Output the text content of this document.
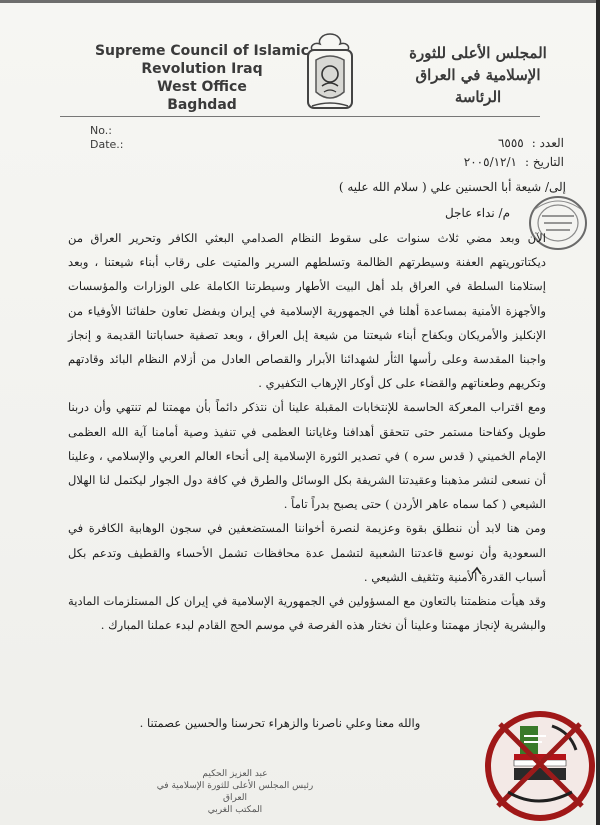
Supreme Council of Islamic
Revolution Iraq
West Office
Baghdad
المجلس الأعلى للثورة
الإسلامية في العراق
الرئاسة
No.:
Date.:	العدد :٦٥٥٥
التاريخ :٢٠٠٥/١٢/١
إلى/ شيعة أبا الحسنين علي ( سلام الله عليه )
م/ نداء عاجل

الآن وبعد مضي ثلاث سنوات على سقوط النظام الصدامي البعثي الكافر وتحرير العراق من ديكتاتوريتهم العفنة وسيطرتهم الظالمة وتسلطهم السرير والمتيت على رقاب أبناء شيعتنا ، وبعد إستلامنا السلطة في العراق بلد أهل البيت الأطهار وسيطرتنا الكاملة على الوزارات والمؤسسات والأجهزة الأمنية بمساعدة أهلنا في الجمهورية الإسلامية في إيران وبفضل تعاون حلفائنا الأوفياء من الإنكليز والأمريكان وبكفاح أبناء شيعتنا من شيعة إبل العراق ، وبعد تصفية حساباتنا القديمة و إنجاز واجبنا المقدسة وعلى رأسها الثأر لشهدائنا الأبرار والقصاص العادل من أزلام النظام البائد وقادتهم وتكريهم وطعناتهم والقضاء على كل أوكار الإرهاب التكفيري .

ومع اقتراب المعركة الحاسمة للإنتخابات المقبلة علينا أن نتذكر دائماً بأن مهمتنا لم تنتهي وأن دربنا طويل وكفاحنا مستمر حتى تتحقق أهدافنا وغاياتنا العظمى في تنفيذ وصية أمامنا آية الله العظمى الإمام الخميني ( قدس سره ) في تصدير الثورة الإسلامية إلى أنحاء العالم العربي والإسلامي ، وعلينا أن نسعى لنشر مذهبنا وعقيدتنا الشريفة بكل الوسائل والطرق في كافة دول الجوار ليكتمل لنا الهلال الشيعي ( كما سماه عاهر الأردن ) حتى يصبح بدراً تاماً .

ومن هنا لابد أن ننطلق بقوة وعزيمة لنصرة أخواننا المستضعفين في سجون الوهابية الكافرة في السعودية وأن نوسع قاعدتنا الشعبية لتشمل عدة محافظات تشمل الأحساء والقطيف وتدعم بكل أسباب القدرة الأمنية وتثقيف الشيعي .

وقد هيأت منظمتنا بالتعاون مع المسؤولين في الجمهورية الإسلامية في إيران كل المستلزمات المادية والبشرية لإنجاز مهمتنا وعلينا أن نختار هذه الفرصة في موسم الحج القادم لبدء عملنا المبارك .

والله معنا وعلي ناصرنا والزهراء تحرسنا والحسين عصمتنا .
عبد العزيز الحكيم
رئيس المجلس الأعلى للثورة الإسلامية في العراق
المكتب الغربي
